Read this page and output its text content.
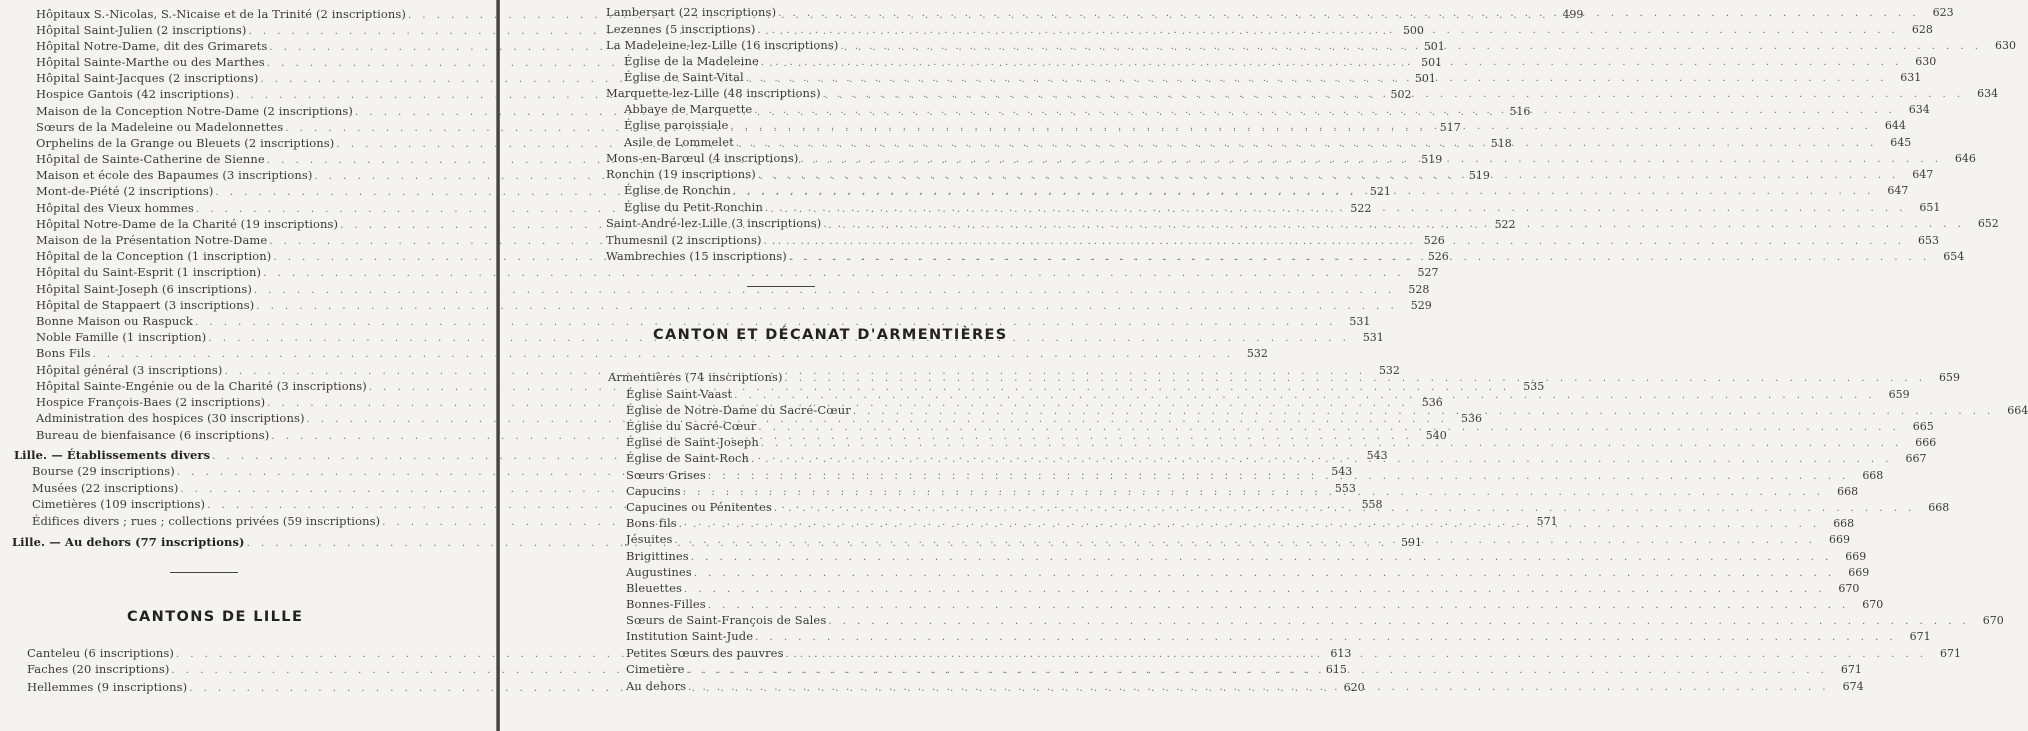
Hôpitaux S.-Nicolas, S.-Nicaise et de la Trinité (2 inscriptions) . . .	499
Hôpital Saint-Julien (2 inscriptions) . . .	500
Hôpital Notre-Dame, dit des Grimarets . . .	501
Hôpital Sainte-Marthe ou des Marthes . . .	501
Hôpital Saint-Jacques (2 inscriptions) . . .	501
Hospice Gantois (42 inscriptions) . . .	502
Maison de la Conception Notre-Dame (2 inscriptions) . . .	516
Sœurs de la Madeleine ou Madelonnettes . . .	517
Orphelins de la Grange ou Bleuets (2 inscriptions) . . .	518
Hôpital de Sainte-Catherine de Sienne . . .	519
Maison et école des Bapaumes (3 inscriptions) . . .	519
Mont-de-Piété (2 inscriptions) . . .	521
Hôpital des Vieux hommes . . .	522
Hôpital Notre-Dame de la Charité (19 inscriptions) . . .	522
Maison de la Présentation Notre-Dame . . .	526
Hôpital de la Conception (1 inscription) . . .	526
Hôpital du Saint-Esprit (1 inscription) . . .	527
Hôpital Saint-Joseph (6 inscriptions) . . .	528
Hôpital de Stappaert (3 inscriptions) . . .	529
Bonne Maison ou Raspuck . . .	531
Noble Famille (1 inscription) . . .	531
Bons Fils . . .	532
Hôpital général (3 inscriptions) . . .	532
Hôpital Sainte-Engénie ou de la Charité (3 inscriptions) . . .	535
Hospice François-Baes (2 inscriptions) . . .	536
Administration des hospices (30 inscriptions) . . .	536
Bureau de bienfaisance (6 inscriptions) . . .	540
Lille. — Établissements divers . . .	543
Bourse (29 inscriptions) . . .	543
Musées (22 inscriptions) . . .	553
Cimetières (109 inscriptions) . . .	558
Édifices divers ; rues ; collections privées (59 inscriptions) . . .	571
Lille. — Au dehors (77 inscriptions) . . .	591
CANTONS DE LILLE
Canteleu (6 inscriptions) . . .	613
Faches (20 inscriptions) . . .	615
Hellemmes (9 inscriptions) . . .	620
Lambersart (22 inscriptions) . . .	623
Lezennes (5 inscriptions) . . .	628
La Madeleine-lez-Lille (16 inscriptions) . . .	630
Église de la Madeleine . . .	630
Église de Saint-Vital . . .	631
Marquette-lez-Lille (48 inscriptions) . . .	634
Abbaye de Marquette . . .	634
Église paroissiale . . .	644
Asile de Lommelet . . .	645
Mons-en-Barœul (4 inscriptions) . . .	646
Ronchin (19 inscriptions) . . .	647
Église de Ronchin . . .	647
Église du Petit-Ronchin . . .	651
Saint-André-lez-Lille (3 inscriptions) . . .	652
Thumesnil (2 inscriptions) . . .	653
Wambrechies (15 inscriptions) . . .	654
CANTON ET DÉCANAT D'ARMENTIÈRES
Armentières (74 inscriptions) . . .	659
Église Saint-Vaast . . .	659
Église de Notre-Dame du Sacré-Cœur . . .	664
Église du Sacré-Cœur . . .	665
Église de Saint-Joseph . . .	666
Église de Saint-Roch . . .	667
Sœurs Grises . . .	668
Capucins . . .	668
Capucines ou Pénitentes . . .	668
Bons fils . . .	668
Jésuites . . .	669
Brigittines . . .	669
Augustines . . .	669
Bleuettes . . .	670
Bonnes-Filles . . .	670
Sœurs de Saint-François de Sales . . .	670
Institution Saint-Jude . . .	671
Petites Sœurs des pauvres . . .	671
Cimetière . . .	671
Au dehors . . .	674
